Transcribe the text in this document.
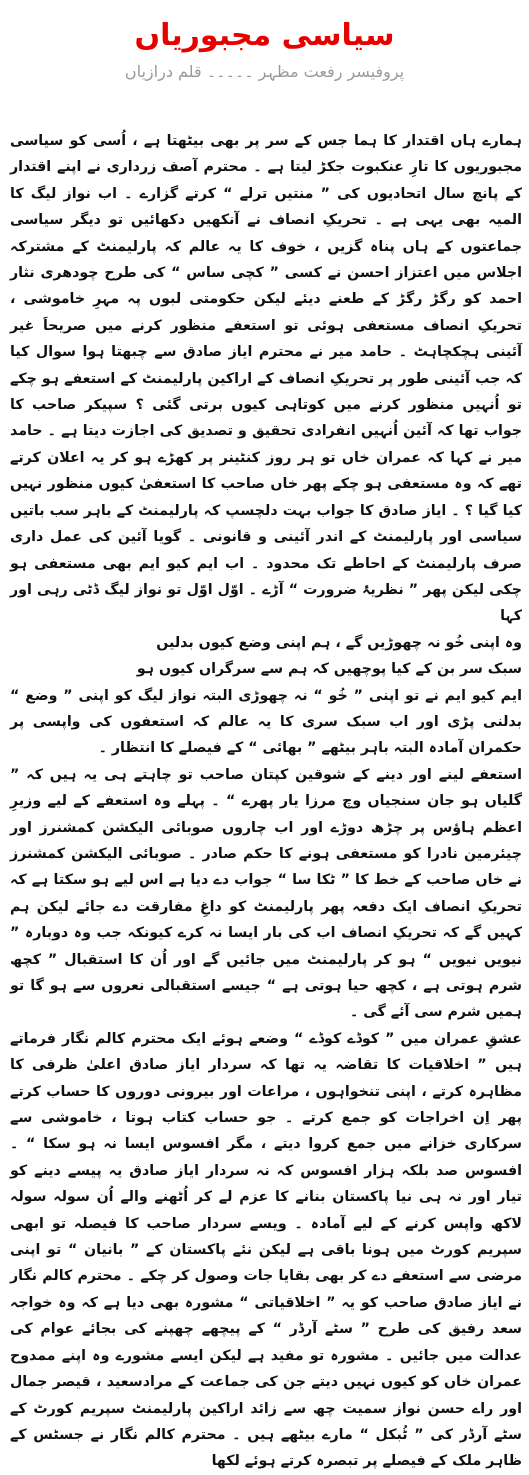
سیاسی مجبوریاں
پروفیسر رفعت مظہر ۔۔۔۔۔ قلم درازیاں

ہمارے ہاں اقتدار کا ہما جس کے سر پر بھی بیٹھتا ہے ، اُسی کو سیاسی مجبوریوں کا تارِ عنکبوت جکڑ لیتا ہے ۔ محترم آصف زرداری نے اپنے اقتدار کے پانچ سال اتحادیوں کی ” منتیں ترلے “ کرتے گزارے ۔ اب نواز لیگ کا المیہ بھی یہی ہے ۔ تحریکِ انصاف نے آنکھیں دکھائیں تو دیگر سیاسی جماعتوں کے ہاں پناہ گزیں ، خوف کا یہ عالم کہ پارلیمنٹ کے مشترکہ اجلاس میں اعتزاز احسن نے کسی ” کچی ساس “ کی طرح چودھری نثار احمد کو رگڑ رگڑ کے طعنے دیئے لیکن حکومتی لبوں پہ مہرِ خاموشی ، تحریکِ انصاف مستعفی ہوئی تو استعفے منظور کرنے میں صریحاََ غیر آئینی ہچکچاہٹ ۔ حامد میر نے محترم ایاز صادق سے چبھتا ہوا سوال کیا کہ جب آئینی طور پر تحریکِ انصاف کے اراکین پارلیمنٹ کے استعفے ہو چکے تو اُنہیں منظور کرنے میں کوتاہی کیوں برتی گئی ؟ سپیکر صاحب کا جواب تھا کہ آئین اُنہیں انفرادی تحقیق و تصدیق کی اجازت دیتا ہے ۔ حامد میر نے کہا کہ عمران خاں تو ہر روز کنٹینر پر کھڑے ہو کر یہ اعلان کرتے تھے کہ وہ مستعفی ہو چکے پھر خاں صاحب کا استعفیٰ کیوں منظور نہیں کیا گیا ؟ ۔ ایاز صادق کا جواب بہت دلچسپ کہ پارلیمنٹ کے باہر سب باتیں سیاسی اور پارلیمنٹ کے اندر آئینی و قانونی ۔ گویا آئین کی عمل داری صرف پارلیمنٹ کے احاطے تک محدود ۔ اب ایم کیو ایم بھی مستعفی ہو چکی لیکن پھر ” نظریۂ ضرورت “ آڑے ۔ اوّل اوّل تو نواز لیگ ڈٹی رہی اور کہا

وہ اپنی خُو نہ چھوڑیں گے ، ہم اپنی وضع کیوں بدلیں

سبک سر بن کے کیا پوچھیں کہ ہم سے سرگراں کیوں ہو

ایم کیو ایم نے تو اپنی ” خُو “ نہ چھوڑی البتہ نواز لیگ کو اپنی ” وضع “ بدلنی پڑی اور اب سبک سری کا یہ عالم کہ استعفوں کی واپسی پر حکمران آمادہ البتہ باہر بیٹھے ” بھائی “ کے فیصلے کا انتظار ۔

استعفے لینے اور دینے کے شوقین کپتان صاحب تو چاہتے ہی یہ ہیں کہ ” گلیاں ہو جان سنجیاں وچ مرزا یار پھرے “ ۔ پہلے وہ استعفے کے لیے وزیرِ اعظم ہاؤس پر چڑھ دوڑے اور اب چاروں صوبائی الیکشن کمشنرز اور چیئرمین نادرا کو مستعفی ہونے کا حکم صادر ۔ صوبائی الیکشن کمشنرز نے خاں صاحب کے خط کا ” ٹکا سا “ جواب دے دیا ہے اس لیے ہو سکتا ہے کہ تحریکِ انصاف ایک دفعہ پھر پارلیمنٹ کو داغِ مفارقت دے جائے لیکن ہم کہیں گے کہ تحریکِ انصاف اب کی بار ایسا نہ کرے کیونکہ جب وہ دوبارہ ” نیویں نیویں “ ہو کر پارلیمنٹ میں جائیں گے اور اُن کا استقبال ” کچھ شرم ہوتی ہے ، کچھ حیا ہوتی ہے “ جیسے استقبالی نعروں سے ہو گا تو ہمیں شرم سی آئے گی ۔

عشقِ عمران میں ” کوڈے کوڈے “ وضعے ہوئے ایک محترم کالم نگار فرماتے ہیں ” اخلاقیات کا تقاضہ یہ تھا کہ سردار ایاز صادق اعلیٰ ظرفی کا مظاہرہ کرتے ، اپنی تنخواہوں ، مراعات اور بیرونی دوروں کا حساب کرتے پھر اِن اخراجات کو جمع کرتے ۔ جو حساب کتاب ہوتا ، خاموشی سے سرکاری خزانے میں جمع کروا دیتے ، مگر افسوس ایسا نہ ہو سکا “ ۔ افسوس صد بلکہ ہزار افسوس کہ نہ سردار ایاز صادق یہ پیسے دینے کو تیار اور نہ ہی نیا پاکستان بنانے کا عزم لے کر اُٹھنے والے اُن سولہ سولہ لاکھ واپس کرنے کے لیے آمادہ ۔ ویسے سردار صاحب کا فیصلہ تو ابھی سپریم کورٹ میں ہونا باقی ہے لیکن نئے پاکستان کے ” بانیان “ تو اپنی مرضی سے استعفے دے کر بھی بقایا جات وصول کر چکے ۔ محترم کالم نگار نے ایاز صادق صاحب کو یہ ” اخلاقیاتی “ مشورہ بھی دیا ہے کہ وہ خواجہ سعد رفیق کی طرح ” سٹے آرڈر “ کے پیچھے چھپنے کی بجائے عوام کی عدالت میں جائیں ۔ مشورہ تو مفید ہے لیکن ایسے مشورے وہ اپنے ممدوح عمران خاں کو کیوں نہیں دیتے جن کی جماعت کے مرادسعید ، قیصر جمال اور راے حسن نواز سمیت چھ سے زائد اراکین پارلیمنٹ سپریم کورٹ کے سٹے آرڈر کی ” ٹُبکل “ مارے بیٹھے ہیں ۔ محترم کالم نگار نے جسٹس کے ظاہر ملک کے فیصلے پر تبصرہ کرتے ہوئے لکھا
